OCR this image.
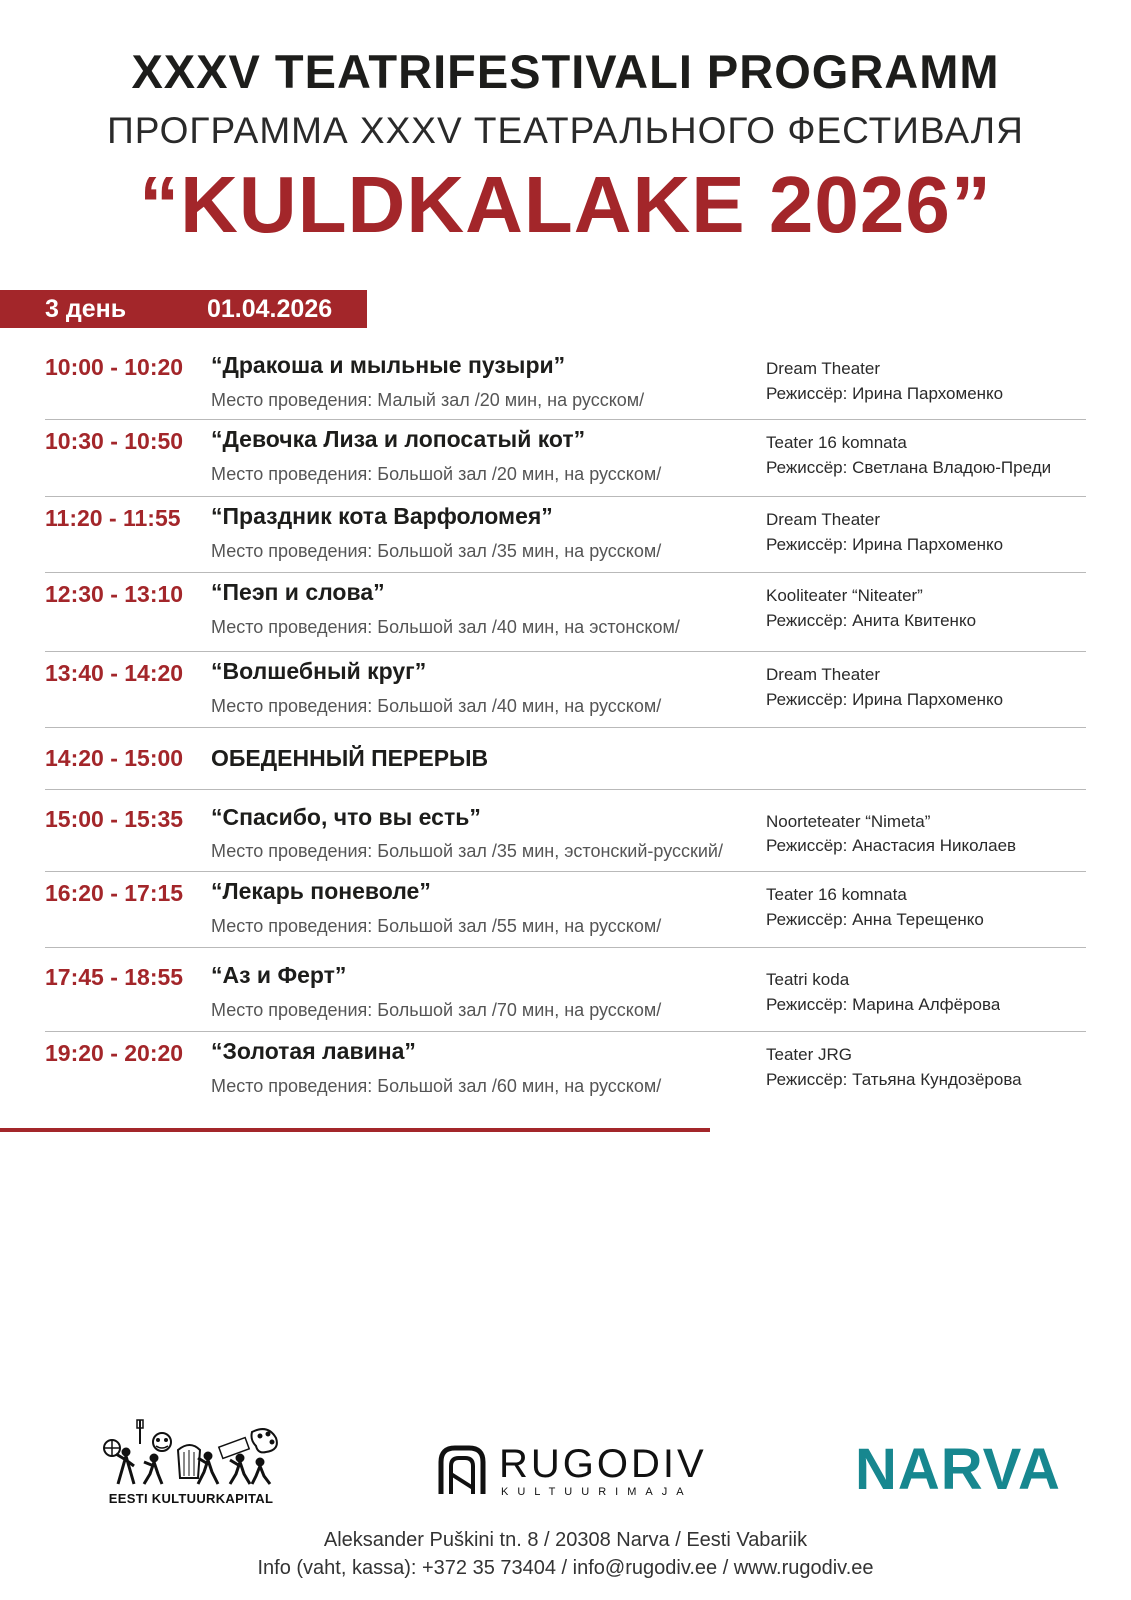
XXXV TEATRIFESTIVALI PROGRAMM
ПРОГРАММА XXXV ТЕАТРАЛЬНОГО ФЕСТИВАЛЯ
“KULDKALAKE 2026”
3 день	01.04.2026
10:00 - 10:20 “Дракоша и мыльные пузыри”
Место проведения: Малый зал /20 мин, на русском/
Dream Theater
Режиссёр: Ирина Пархоменко
10:30 - 10:50 “Девочка Лиза и лопосатый кот”
Место проведения: Большой зал /20 мин, на русском/
Teater 16 komnata
Режиссёр: Светлана Владою-Преди
11:20 - 11:55 “Праздник кота Варфоломея”
Место проведения: Большой зал /35 мин, на русском/
Dream Theater
Режиссёр: Ирина Пархоменко
12:30 - 13:10 “Пеэп и слова”
Место проведения: Большой зал /40 мин, на эстонском/
Kooliteater “Niteater”
Режиссёр: Анита Квитенко
13:40 - 14:20 “Волшебный круг”
Место проведения: Большой зал /40 мин, на русском/
Dream Theater
Режиссёр: Ирина Пархоменко
14:20 - 15:00 ОБЕДЕННЫЙ ПЕРЕРЫВ
15:00 - 15:35 “Спасибо, что вы есть”
Место проведения: Большой зал /35 мин, эстонский-русский/
Noorteteater “Nimeta”
Режиссёр: Анастасия Николаев
16:20 - 17:15 “Лекарь поневоле”
Место проведения: Большой зал /55 мин, на русском/
Teater 16 komnata
Режиссёр: Анна Терещенко
17:45 - 18:55 “Аз и Ферт”
Место проведения: Большой зал /70 мин, на русском/
Teatri koda
Режиссёр: Марина Алфёрова
19:20 - 20:20 “Золотая лавина”
Место проведения: Большой зал /60 мин, на русском/
Teater JRG
Режиссёр: Татьяна Кундозёрова
EESTI KULTUURKAPITAL
RUGODIV
KULTUURIMAJA	NARVA
Aleksander Puškini tn. 8 / 20308 Narva / Eesti Vabariik
Info (vaht, kassa): +372 35 73404 / info@rugodiv.ee / www.rugodiv.ee
